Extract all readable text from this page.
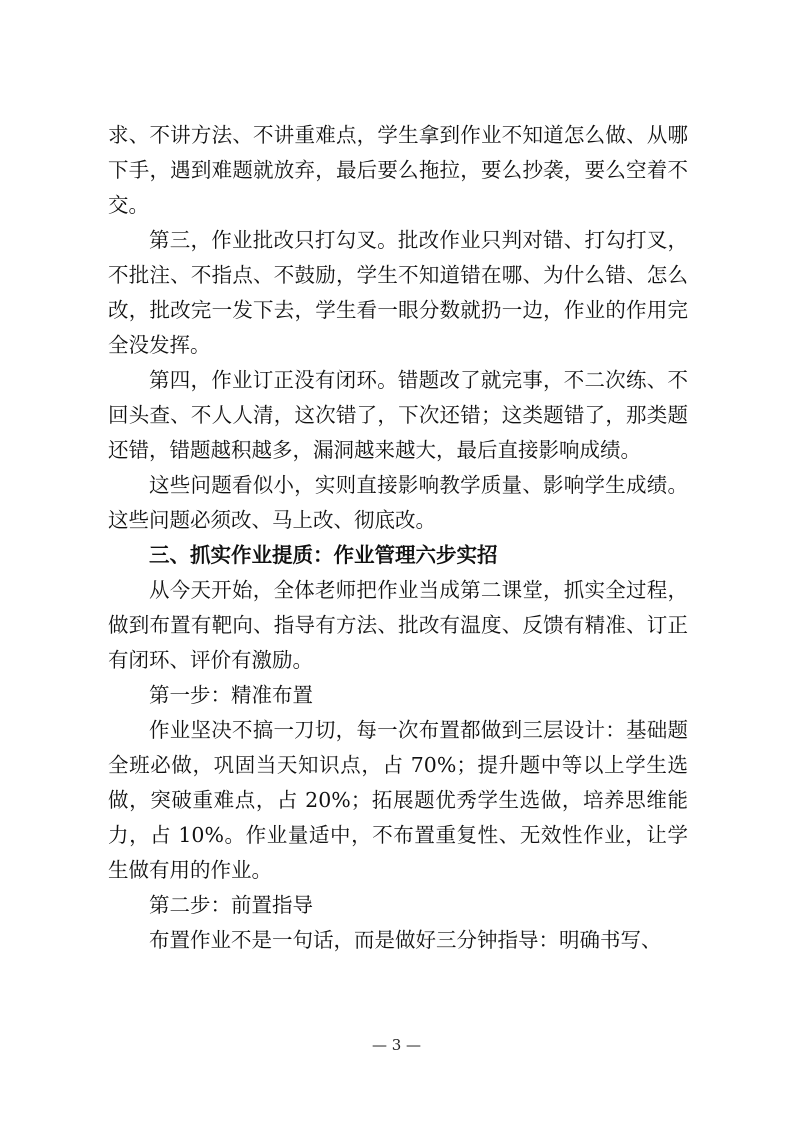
求、不讲方法、不讲重难点，学生拿到作业不知道怎么做、从哪下手，遇到难题就放弃，最后要么拖拉，要么抄袭，要么空着不交。

第三，作业批改只打勾叉。批改作业只判对错、打勾打叉，不批注、不指点、不鼓励，学生不知道错在哪、为什么错、怎么改，批改完一发下去，学生看一眼分数就扔一边，作业的作用完全没发挥。

第四，作业订正没有闭环。错题改了就完事，不二次练、不回头查、不人人清，这次错了，下次还错；这类题错了，那类题还错，错题越积越多，漏洞越来越大，最后直接影响成绩。

这些问题看似小，实则直接影响教学质量、影响学生成绩。这些问题必须改、马上改、彻底改。

三、抓实作业提质：作业管理六步实招

从今天开始，全体老师把作业当成第二课堂，抓实全过程，做到布置有靶向、指导有方法、批改有温度、反馈有精准、订正有闭环、评价有激励。

第一步：精准布置

作业坚决不搞一刀切，每一次布置都做到三层设计：基础题全班必做，巩固当天知识点，占 70%；提升题中等以上学生选做，突破重难点，占 20%；拓展题优秀学生选做，培养思维能力，占 10%。作业量适中，不布置重复性、无效性作业，让学生做有用的作业。

第二步：前置指导

布置作业不是一句话，而是做好三分钟指导：明确书写、

— 3 —
